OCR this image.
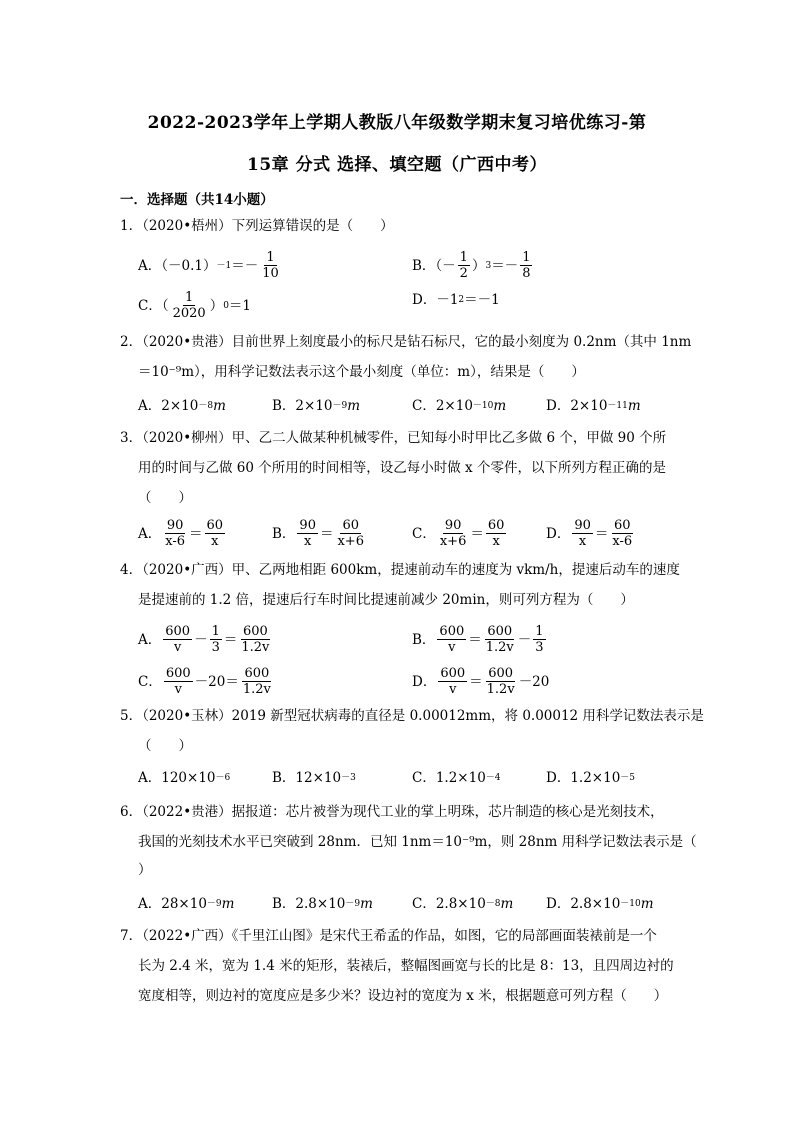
2022-2023学年上学期人教版八年级数学期末复习培优练习-第
15章 分式 选择、填空题（广西中考）
一．选择题（共14小题）
1．（2020•梧州）下列运算错误的是（　　）
A．$(-0.1) -1 =- \frac{1}{10}$	B．（－ $\frac{1}{2}$ ） $3 =- \frac{1}{8}$
C．（ $\frac{1}{2020}$ ） 0 ＝1	D．－1 2 ＝－1
2．（2020•贵港）目前世界上刻度最小的标尺是钻石标尺，它的最小刻度为 0.2nm（其中 1nm
＝10⁻⁹m），用科学记数法表示这个最小刻度（单位：m），结果是（　　）
A．2×10 －8 m	B．2×10 －9 m	C．2×10 －10 m	D．2×10 －11 m
3．（2020•柳州）甲、乙二人做某种机械零件，已知每小时甲比乙多做 6 个，甲做 90 个所
用的时间与乙做 60 个所用的时间相等，设乙每小时做 x 个零件，以下所列方程正确的是
（　　）
A． $\frac{90}{x-6} = \frac{60}{x}$	B． $\frac{90}{x} = \frac{60}{x+6}$	C． $\frac{90}{x+6} = \frac{60}{x}$	D． $\frac{90}{x} = \frac{60}{x-6}$
4．（2020•广西）甲、乙两地相距 600km，提速前动车的速度为 vkm/h，提速后动车的速度
是提速前的 1.2 倍，提速后行车时间比提速前减少 20min，则可列方程为（　　）
A． $\frac{600}{v} - \frac{1}{3} = \frac{600}{1.2v}$	B． $\frac{600}{v} = \frac{600}{1.2v} - \frac{1}{3}$
C． $\frac{600}{v} -20= \frac{600}{1.2v}$	D． $\frac{600}{v} = \frac{600}{1.2v} -20$
5．（2020•玉林）2019 新型冠状病毒的直径是 0.00012mm，将 0.00012 用科学记数法表示是
（　　）
A．120×10 －6	B．12×10 －3	C．1.2×10 －4	D．1.2×10 －5
6．（2022•贵港）据报道：芯片被誉为现代工业的掌上明珠，芯片制造的核心是光刻技术，
我国的光刻技术水平已突破到 28nm．已知 1nm＝10⁻⁹m，则 28nm 用科学记数法表示是（
）
A．28×10 －9 m	B．2.8×10 －9 m	C．2.8×10 －8 m D．2.8×10 －10 m
7．（2022•广西）《千里江山图》是宋代王希孟的作品，如图，它的局部画面装裱前是一个
长为 2.4 米，宽为 1.4 米的矩形，装裱后，整幅图画宽与长的比是 8：13，且四周边衬的
宽度相等，则边衬的宽度应是多少米？设边衬的宽度为 x 米，根据题意可列方程（　　）
